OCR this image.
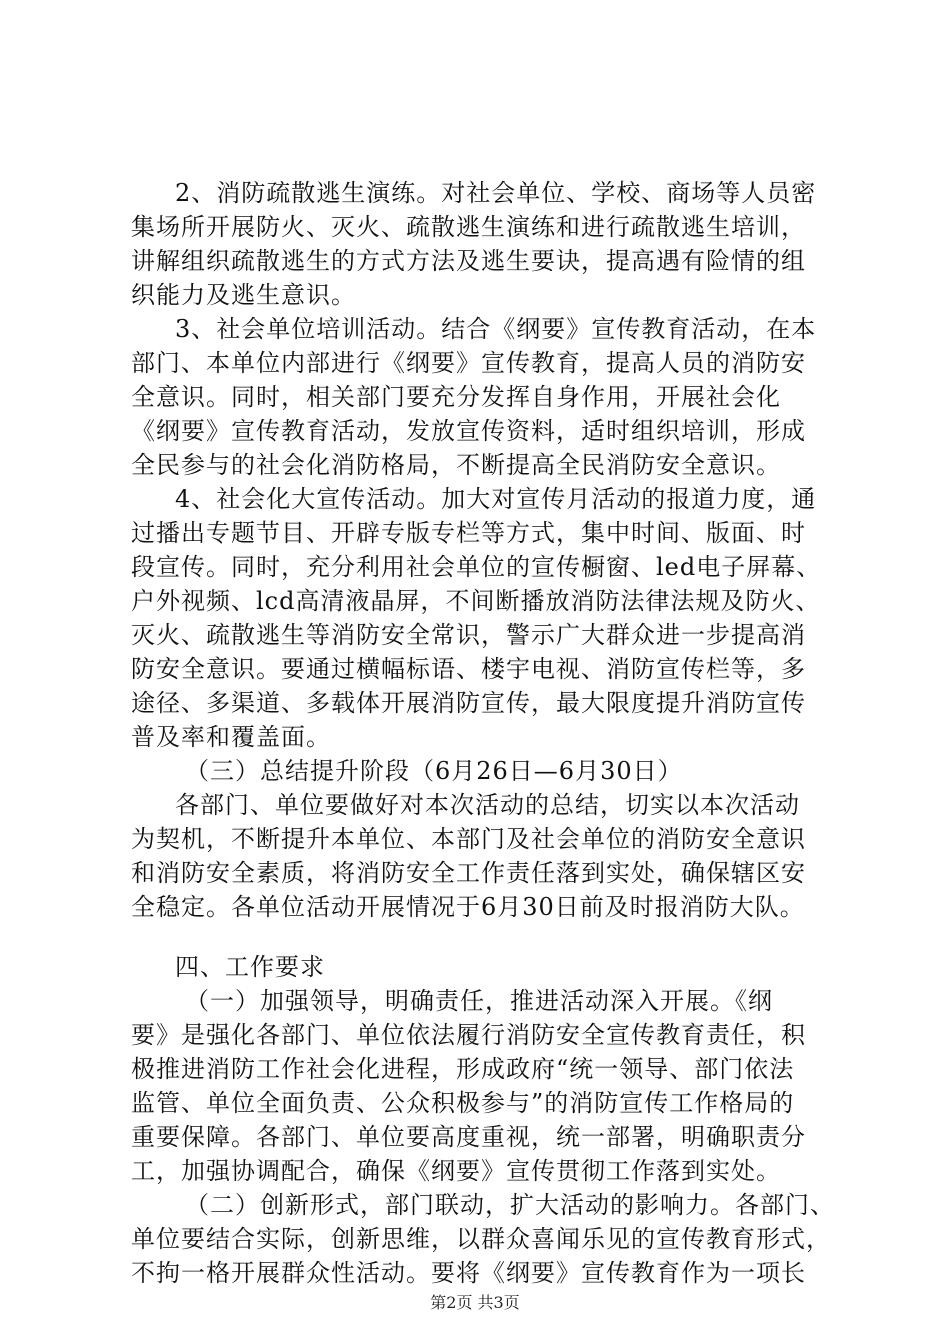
2、消防疏散逃生演练。对社会单位、学校、商场等人员密
集场所开展防火、灭火、疏散逃生演练和进行疏散逃生培训，
讲解组织疏散逃生的方式方法及逃生要诀，提高遇有险情的组
织能力及逃生意识。
3、社会单位培训活动。结合《纲要》宣传教育活动，在本
部门、本单位内部进行《纲要》宣传教育，提高人员的消防安
全意识。同时，相关部门要充分发挥自身作用，开展社会化
《纲要》宣传教育活动，发放宣传资料，适时组织培训，形成
全民参与的社会化消防格局，不断提高全民消防安全意识。
4、社会化大宣传活动。加大对宣传月活动的报道力度，通
过播出专题节目、开辟专版专栏等方式，集中时间、版面、时
段宣传。同时，充分利用社会单位的宣传橱窗、led电子屏幕、
户外视频、lcd高清液晶屏，不间断播放消防法律法规及防火、
灭火、疏散逃生等消防安全常识，警示广大群众进一步提高消
防安全意识。要通过横幅标语、楼宇电视、消防宣传栏等，多
途径、多渠道、多载体开展消防宣传，最大限度提升消防宣传
普及率和覆盖面。
（三）总结提升阶段（6月26日—6月30日）
各部门、单位要做好对本次活动的总结，切实以本次活动
为契机，不断提升本单位、本部门及社会单位的消防安全意识
和消防安全素质，将消防安全工作责任落到实处，确保辖区安
全稳定。各单位活动开展情况于6月30日前及时报消防大队。
四、工作要求
（一）加强领导，明确责任，推进活动深入开展。《纲
要》是强化各部门、单位依法履行消防安全宣传教育责任，积
极推进消防工作社会化进程，形成政府“统一领导、部门依法
监管、单位全面负责、公众积极参与”的消防宣传工作格局的
重要保障。各部门、单位要高度重视，统一部署，明确职责分
工，加强协调配合，确保《纲要》宣传贯彻工作落到实处。
（二）创新形式，部门联动，扩大活动的影响力。各部门、
第2页 共3页
单位要结合实际，创新思维，以群众喜闻乐见的宣传教育形式，
不拘一格开展群众性活动。要将《纲要》宣传教育作为一项长
